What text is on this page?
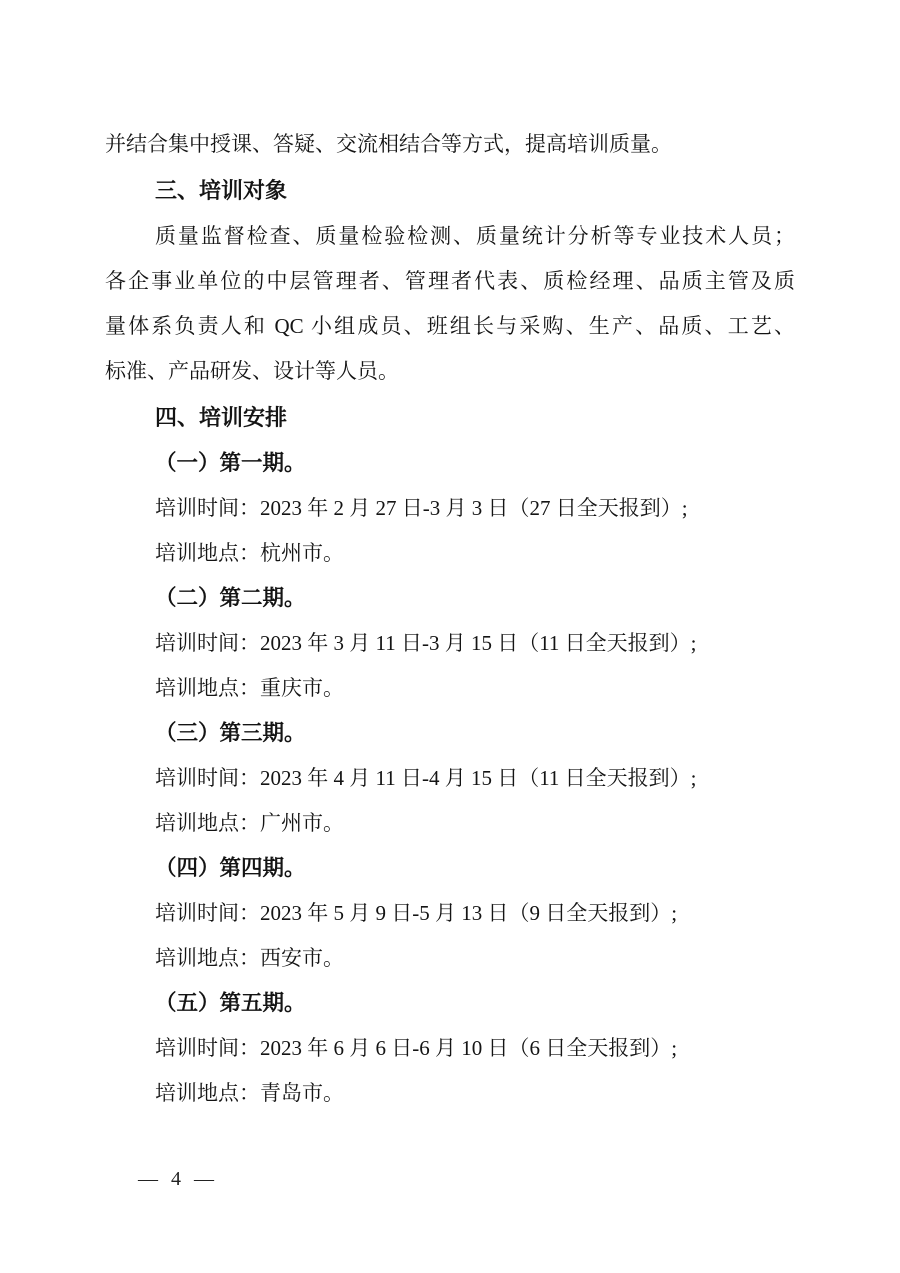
并结合集中授课、答疑、交流相结合等方式，提高培训质量。
三、培训对象
质量监督检查、质量检验检测、质量统计分析等专业技术人员；
各企事业单位的中层管理者、管理者代表、质检经理、品质主管及质
量体系负责人和 QC 小组成员、班组长与采购、生产、品质、工艺、
标准、产品研发、设计等人员。
四、培训安排
（一）第一期。
培训时间：2023 年 2 月 27 日-3 月 3 日（27 日全天报到）;
培训地点：杭州市。
（二）第二期。
培训时间：2023 年 3 月 11 日-3 月 15 日（11 日全天报到）;
培训地点：重庆市。
（三）第三期。
培训时间：2023 年 4 月 11 日-4 月 15 日（11 日全天报到）;
培训地点：广州市。
（四）第四期。
培训时间：2023 年 5 月 9 日-5 月 13 日（9 日全天报到）;
培训地点：西安市。
（五）第五期。
培训时间：2023 年 6 月 6 日-6 月 10 日（6 日全天报到）;
培训地点：青岛市。
— 4 —
